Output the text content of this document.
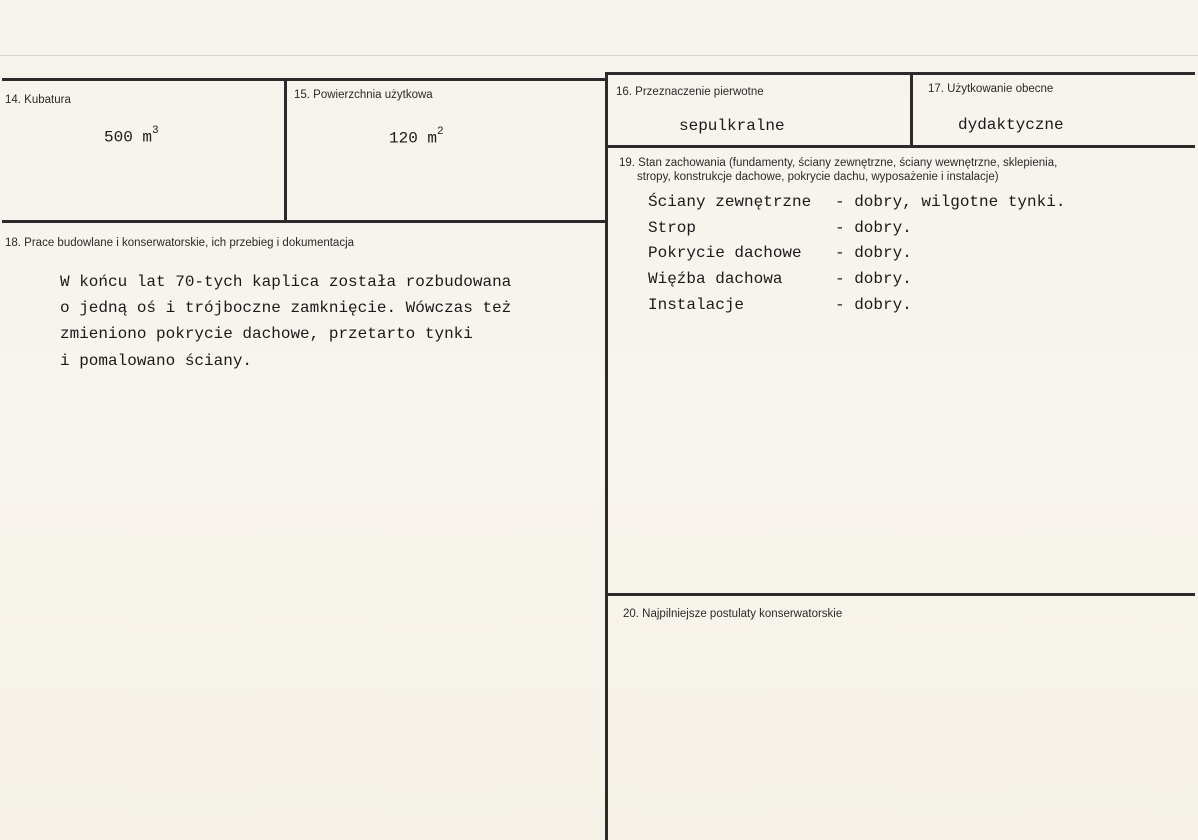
14. Kubatura
500 $m^3$
15. Powierzchnia użytkowa
120 $m^2$
16. Przeznaczenie pierwotne
sepulkralne
17. Użytkowanie obecne
dydaktyczne
18. Prace budowlane i konserwatorskie, ich przebieg i dokumentacja
W końcu lat 70-tych kaplica została rozbudowana
o jedną oś i trójboczne zamknięcie. Wówczas też
zmieniono pokrycie dachowe, przetarto tynki
i pomalowano ściany.
19. Stan zachowania (fundamenty, ściany zewnętrzne, ściany wewnętrzne, sklepienia,
stropy, konstrukcje dachowe, pokrycie dachu, wyposażenie i instalacje)
Ściany zewnętrzne - dobry, wilgotne tynki.
Strop	- dobry.
Pokrycie dachowe - dobry.
Więźba dachowa	- dobry.
Instalacje	- dobry.
20. Najpilniejsze postulaty konserwatorskie
